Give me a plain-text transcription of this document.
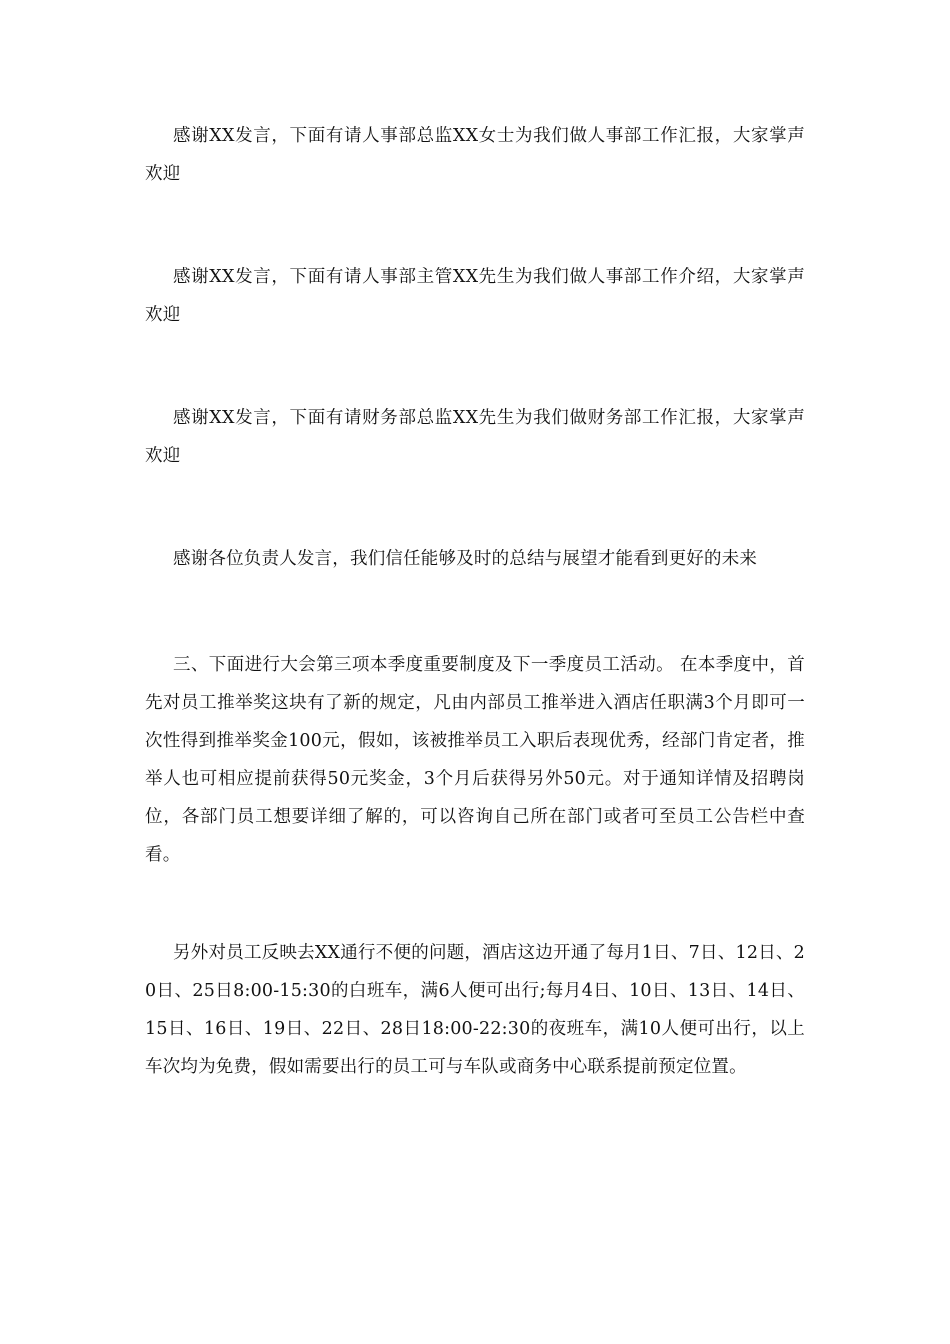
感谢XX发言，下面有请人事部总监XX女士为我们做人事部工作汇报，大家掌声欢迎

感谢XX发言，下面有请人事部主管XX先生为我们做人事部工作介绍，大家掌声欢迎

感谢XX发言，下面有请财务部总监XX先生为我们做财务部工作汇报，大家掌声欢迎

感谢各位负责人发言，我们信任能够及时的总结与展望才能看到更好的未来

三、下面进行大会第三项本季度重要制度及下一季度员工活动。 在本季度中，首先对员工推举奖这块有了新的规定，凡由内部员工推举进入酒店任职满3个月即可一次性得到推举奖金100元，假如，该被推举员工入职后表现优秀，经部门肯定者，推举人也可相应提前获得50元奖金，3个月后获得另外50元。对于通知详情及招聘岗位，各部门员工想要详细了解的，可以咨询自己所在部门或者可至员工公告栏中查看。

另外对员工反映去XX通行不便的问题，酒店这边开通了每月1日、7日、12日、20日、25日8:00-15:30的白班车，满6人便可出行;每月4日、10日、13日、14日、15日、16日、19日、22日、28日18:00-22:30的夜班车，满10人便可出行，以上车次均为免费，假如需要出行的员工可与车队或商务中心联系提前预定位置。
